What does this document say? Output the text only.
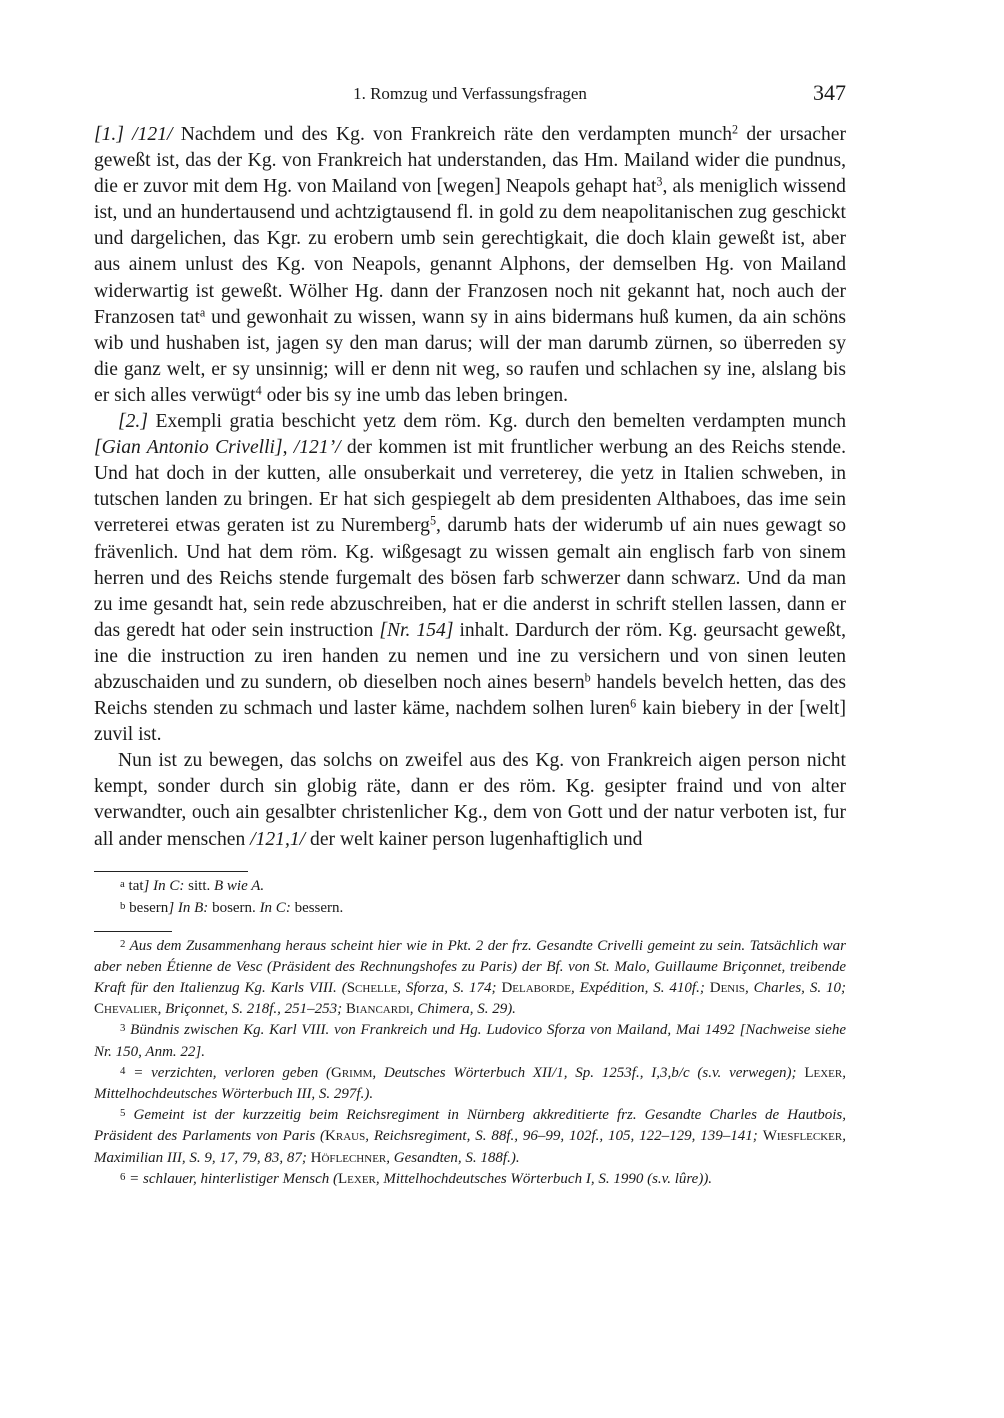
1. Romzug und Verfassungsfragen	347

[1.] /121/ Nachdem und des Kg. von Frankreich räte den verdampten munch$^2$ der ursacher geweßt ist, das der Kg. von Frankreich hat understanden, das Hm. Mailand wider die pundnus, die er zuvor mit dem Hg. von Mailand von [wegen] Neapols gehapt hat$^3$, als meniglich wissend ist, und an hundertausend und achtzigtausend fl. in gold zu dem neapolitanischen zug geschickt und dargelichen, das Kgr. zu erobern umb sein gerechtigkait, die doch klain geweßt ist, aber aus ainem unlust des Kg. von Neapols, genannt Alphons, der demselben Hg. von Mailand widerwartig ist geweßt. Wölher Hg. dann der Franzosen noch nit gekannt hat, noch auch der Franzosen tat$^a$ und gewonhait zu wissen, wann sy in ains bidermans huß kumen, da ain schöns wib und hushaben ist, jagen sy den man darus; will der man darumb zürnen, so überreden sy die ganz welt, er sy unsinnig; will er denn nit weg, so raufen und schlachen sy ine, alslang bis er sich alles verwügt$^4$ oder bis sy ine umb das leben bringen.

[2.] Exempli gratia beschicht yetz dem röm. Kg. durch den bemelten verdampten munch [Gian Antonio Crivelli], /121’/ der kommen ist mit fruntlicher werbung an des Reichs stende. Und hat doch in der kutten, alle onsuberkait und verreterey, die yetz in Italien schweben, in tutschen landen zu bringen. Er hat sich gespiegelt ab dem presidenten Althaboes, das ime sein verreterei etwas geraten ist zu Nuremberg$^5$, darumb hats der widerumb uf ain nues gewagt so frävenlich. Und hat dem röm. Kg. wißgesagt zu wissen gemalt ain englisch farb von sinem herren und des Reichs stende furgemalt des bösen farb schwerzer dann schwarz. Und da man zu ime gesandt hat, sein rede abzuschreiben, hat er die anderst in schrift stellen lassen, dann er das geredt hat oder sein instruction [Nr. 154] inhalt. Dardurch der röm. Kg. geursacht geweßt, ine die instruction zu iren handen zu nemen und ine zu versichern und von sinen leuten abzuschaiden und zu sundern, ob dieselben noch aines besern$^b$ handels bevelch hetten, das des Reichs stenden zu schmach und laster käme, nachdem solhen luren$^6$ kain biebery in der [welt] zuvil ist.

Nun ist zu bewegen, das solchs on zweifel aus des Kg. von Frankreich aigen person nicht kempt, sonder durch sin globig räte, dann er des röm. Kg. gesipter fraind und von alter verwandter, ouch ain gesalbter christenlicher Kg., dem von Gott und der natur verboten ist, fur all ander menschen /121,1/ der welt kainer person lugenhaftiglich und

$^a$ tat] In C: sitt. B wie A.
$^b$ besern] In B: bosern. In C: bessern.

$^2$ Aus dem Zusammenhang heraus scheint hier wie in Pkt. 2 der frz. Gesandte Crivelli gemeint zu sein. Tatsächlich war aber neben Étienne de Vesc (Präsident des Rechnungshofes zu Paris) der Bf. von St. Malo, Guillaume Briçonnet, treibende Kraft für den Italienzug Kg. Karls VIII. (Schelle, Sforza, S. 174; Delaborde, Expédition, S. 410f.; Denis, Charles, S. 10; Chevalier, Briçonnet, S. 218f., 251–253; Biancardi, Chimera, S. 29).

$^3$ Bündnis zwischen Kg. Karl VIII. von Frankreich und Hg. Ludovico Sforza von Mailand, Mai 1492 [Nachweise siehe Nr. 150, Anm. 22].

$^4$ = verzichten, verloren geben (Grimm, Deutsches Wörterbuch XII/1, Sp. 1253f., I,3,b/c (s.v. verwegen); Lexer, Mittelhochdeutsches Wörterbuch III, S. 297f.).

$^5$ Gemeint ist der kurzzeitig beim Reichsregiment in Nürnberg akkreditierte frz. Gesandte Charles de Hautbois, Präsident des Parlaments von Paris (Kraus, Reichsregiment, S. 88f., 96–99, 102f., 105, 122–129, 139–141; Wiesflecker, Maximilian III, S. 9, 17, 79, 83, 87; Höflechner, Gesandten, S. 188f.).

$^6$ = schlauer, hinterlistiger Mensch (Lexer, Mittelhochdeutsches Wörterbuch I, S. 1990 (s.v. lûre)).
